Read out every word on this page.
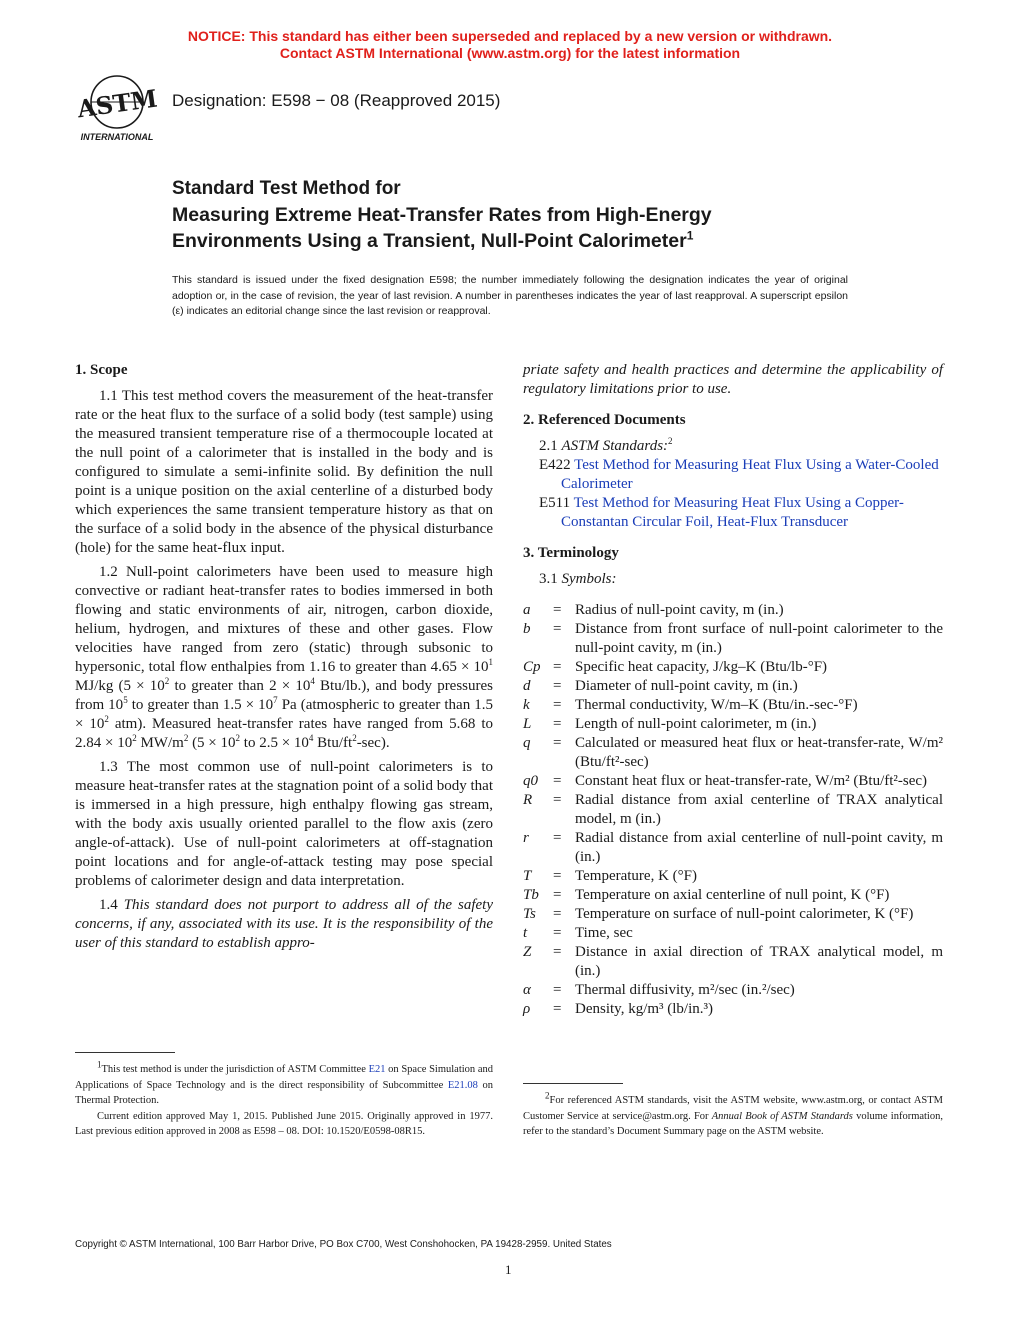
NOTICE: This standard has either been superseded and replaced by a new version or withdrawn.
Contact ASTM International (www.astm.org) for the latest information
ASTM
INTERNATIONAL
Designation: E598 − 08 (Reapproved 2015)
Standard Test Method for
Measuring Extreme Heat-Transfer Rates from High-Energy
Environments Using a Transient, Null-Point Calorimeter$^1$
This standard is issued under the fixed designation E598; the number immediately following the designation indicates the year of original adoption or, in the case of revision, the year of last revision. A number in parentheses indicates the year of last reapproval. A superscript epsilon (ε) indicates an editorial change since the last revision or reapproval.
1. Scope

1.1 This test method covers the measurement of the heat-transfer rate or the heat flux to the surface of a solid body (test sample) using the measured transient temperature rise of a thermocouple located at the null point of a calorimeter that is installed in the body and is configured to simulate a semi-infinite solid. By definition the null point is a unique position on the axial centerline of a disturbed body which experiences the same transient temperature history as that on the surface of a solid body in the absence of the physical disturbance (hole) for the same heat-flux input.

1.2 Null-point calorimeters have been used to measure high convective or radiant heat-transfer rates to bodies immersed in both flowing and static environments of air, nitrogen, carbon dioxide, helium, hydrogen, and mixtures of these and other gases. Flow velocities have ranged from zero (static) through subsonic to hypersonic, total flow enthalpies from 1.16 to greater than $4.65 \times 10^1$ MJ/kg ($5 \times 10^2$ to greater than $2 \times 10^4$ Btu/lb.), and body pressures from $10^5$ to greater than $1.5 \times 10^7$ Pa (atmospheric to greater than $1.5 \times 10^2$ atm). Measured heat-transfer rates have ranged from 5.68 to $2.84 \times 10^2$ $MW/m^2$ ($5 \times 10^2$ to $2.5 \times 10^4$ Btu/$ft^2-\sec$).

1.3 The most common use of null-point calorimeters is to measure heat-transfer rates at the stagnation point of a solid body that is immersed in a high pressure, high enthalpy flowing gas stream, with the body axis usually oriented parallel to the flow axis (zero angle-of-attack). Use of null-point calorimeters at off-stagnation point locations and for angle-of-attack testing may pose special problems of calorimeter design and data interpretation.

1.4 This standard does not purport to address all of the safety concerns, if any, associated with its use. It is the responsibility of the user of this standard to establish appro-

priate safety and health practices and determine the applicability of regulatory limitations prior to use.

2. Referenced Documents

2.1 ASTM Standards:$^2$

E422 Test Method for Measuring Heat Flux Using a Water-Cooled Calorimeter

E511 Test Method for Measuring Heat Flux Using a Copper-Constantan Circular Foil, Heat-Flux Transducer

3. Terminology

3.1 Symbols:

a	= Radius of null-point cavity, m (in.)
b	= Distance from front surface of null-point calorimeter to the null-point cavity, m (in.)
Cp = Specific heat capacity, J/kg–K (Btu/lb-°F)
d	= Diameter of null-point cavity, m (in.)
k	= Thermal conductivity, W/m–K (Btu/in.-sec-°F)
L	= Length of null-point calorimeter, m (in.)
q	= Calculated or measured heat flux or heat-transfer-rate, W/m² (Btu/ft²-sec)
q0	= Constant heat flux or heat-transfer-rate, W/m² (Btu/ft²-sec)
R	= Radial distance from axial centerline of TRAX analytical model, m (in.)
r	= Radial distance from axial centerline of null-point cavity, m (in.)
T	= Temperature, K (°F)
Tb = Temperature on axial centerline of null point, K (°F)
Ts	= Temperature on surface of null-point calorimeter, K (°F)
t	= Time, sec
Z	= Distance in axial direction of TRAX analytical model, m (in.)
α	= Thermal diffusivity, m²/sec (in.²/sec)
ρ	= Density, kg/m³ (lb/in.³)

$^1$This test method is under the jurisdiction of ASTM Committee E21 on Space Simulation and Applications of Space Technology and is the direct responsibility of Subcommittee E21.08 on Thermal Protection.

Current edition approved May 1, 2015. Published June 2015. Originally approved in 1977. Last previous edition approved in 2008 as E598 – 08. DOI: 10.1520/E0598-08R15.

$^2$For referenced ASTM standards, visit the ASTM website, www.astm.org, or contact ASTM Customer Service at service@astm.org. For Annual Book of ASTM Standards volume information, refer to the standard’s Document Summary page on the ASTM website.

Copyright © ASTM International, 100 Barr Harbor Drive, PO Box C700, West Conshohocken, PA 19428-2959. United States
1
